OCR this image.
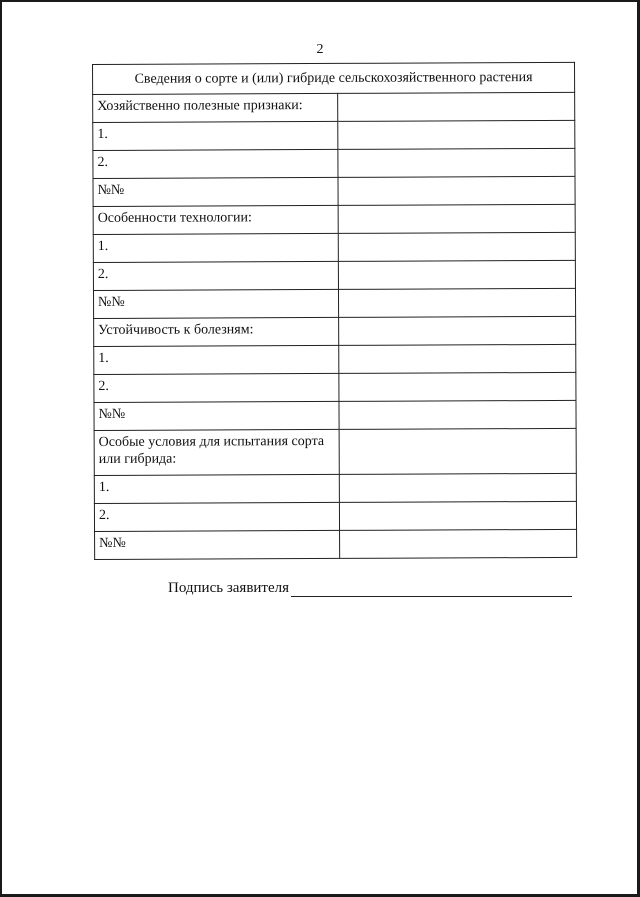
2
Сведения о сорте и (или) гибриде сельскохозяйственного растения	
Хозяйственно полезные признаки:	
1.	
2.	
№№	
Особенности технологии:	
1.	
2.	
№№	
Устойчивость к болезням:	
1.	
2.	
№№	
Особые условия для испытания сорта или гибрида:	
1.	
2.	
№№	
Подпись заявителя
